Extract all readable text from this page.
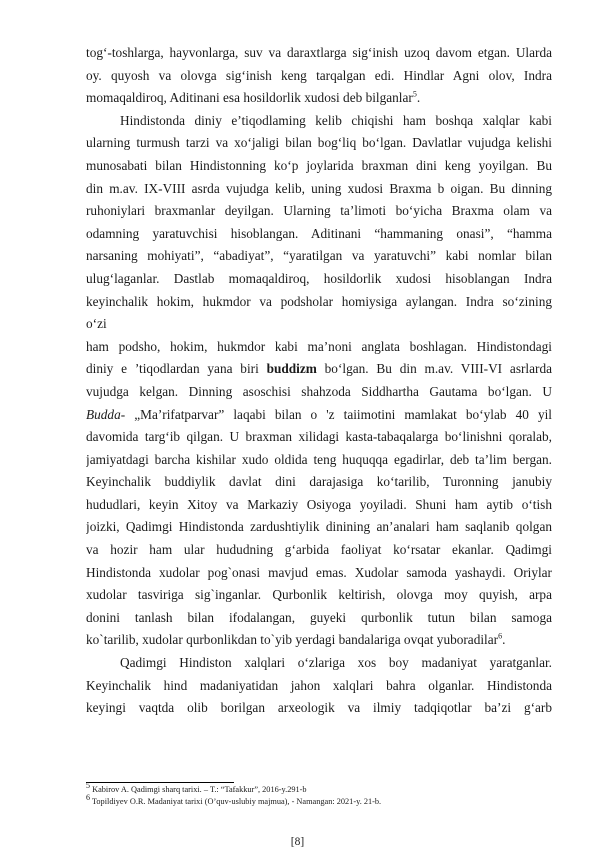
tog‘-toshlarga, hayvonlarga, suv va daraxtlarga sig‘inish uzoq davom etgan. Ularda
oy. quyosh va olovga sig‘inish keng tarqalgan edi. Hindlar Agni olov, Indra
momaqaldiroq, Aditinani esa hosildorlik xudosi deb bilganlar$^5$.
Hindistonda diniy e’tiqodlaming kelib chiqishi ham boshqa xalqlar kabi
ularning turmush tarzi va xo‘jaligi bilan bog‘liq bo‘lgan. Davlatlar vujudga kelishi
munosabati bilan Hindistonning ko‘p joylarida braxman dini keng yoyilgan. Bu
din m.av. IX-VIII asrda vujudga kelib, uning xudosi Braxma b oigan. Bu dinning
ruhoniylari braxmanlar deyilgan. Ularning ta’limoti bo‘yicha Braxma olam va
odamning yaratuvchisi hisoblangan. Aditinani “hammaning onasi”, “hamma
narsaning mohiyati”, “abadiyat”, “yaratilgan va yaratuvchi” kabi nomlar bilan
ulug‘laganlar. Dastlab momaqaldiroq, hosildorlik xudosi hisoblangan Indra
keyinchalik hokim, hukmdor va podsholar homiysiga aylangan. Indra so‘zining
o‘zi
ham podsho, hokim, hukmdor kabi ma’noni anglata boshlagan. Hindistondagi
diniy e ’tiqodlardan yana biri buddizm bo‘lgan. Bu din m.av. VIII-VI asrlarda
vujudga kelgan. Dinning asoschisi shahzoda Siddhartha Gautama bo‘lgan. U
Budda- „Ma’rifatparvar” laqabi bilan o 'z taiimotini mamlakat bo‘ylab 40 yil
davomida targ‘ib qilgan. U braxman xilidagi kasta-tabaqalarga bo‘linishni qoralab,
jamiyatdagi barcha kishilar xudo oldida teng huquqqa egadirlar, deb ta’lim bergan.
Keyinchalik buddiylik davlat dini darajasiga ko‘tarilib, Turonning janubiy
hududlari, keyin Xitoy va Markaziy Osiyoga yoyiladi. Shuni ham aytib o‘tish
joizki, Qadimgi Hindistonda zardushtiylik dinining an’analari ham saqlanib qolgan
va hozir ham ular hududning g‘arbida faoliyat ko‘rsatar ekanlar. Qadimgi
Hindistonda xudolar pog`onasi mavjud emas. Xudolar samoda yashaydi. Oriylar
xudolar tasviriga sig`inganlar. Qurbonlik keltirish, olovga moy quyish, arpa
donini tanlash bilan ifodalangan, guyeki qurbonlik tutun bilan samoga
ko`tarilib, xudolar qurbonlikdan to`yib yerdagi bandalariga ovqat yuboradilar$^6$.
Qadimgi Hindiston xalqlari o‘zlariga xos boy madaniyat yaratganlar.
Keyinchalik hind madaniyatidan jahon xalqlari bahra olganlar. Hindistonda
keyingi vaqtda olib borilgan arxeologik va ilmiy tadqiqotlar ba’zi g‘arb
$^5$ Kabirov A. Qadimgi sharq tarixi. – T.: “Tafakkur”, 2016-y.291-b
$^6$ Topildiyev O.R. Madaniyat tarixi (O’quv-uslubiy majmua), - Namangan: 2021-y. 21-b.
[8]
